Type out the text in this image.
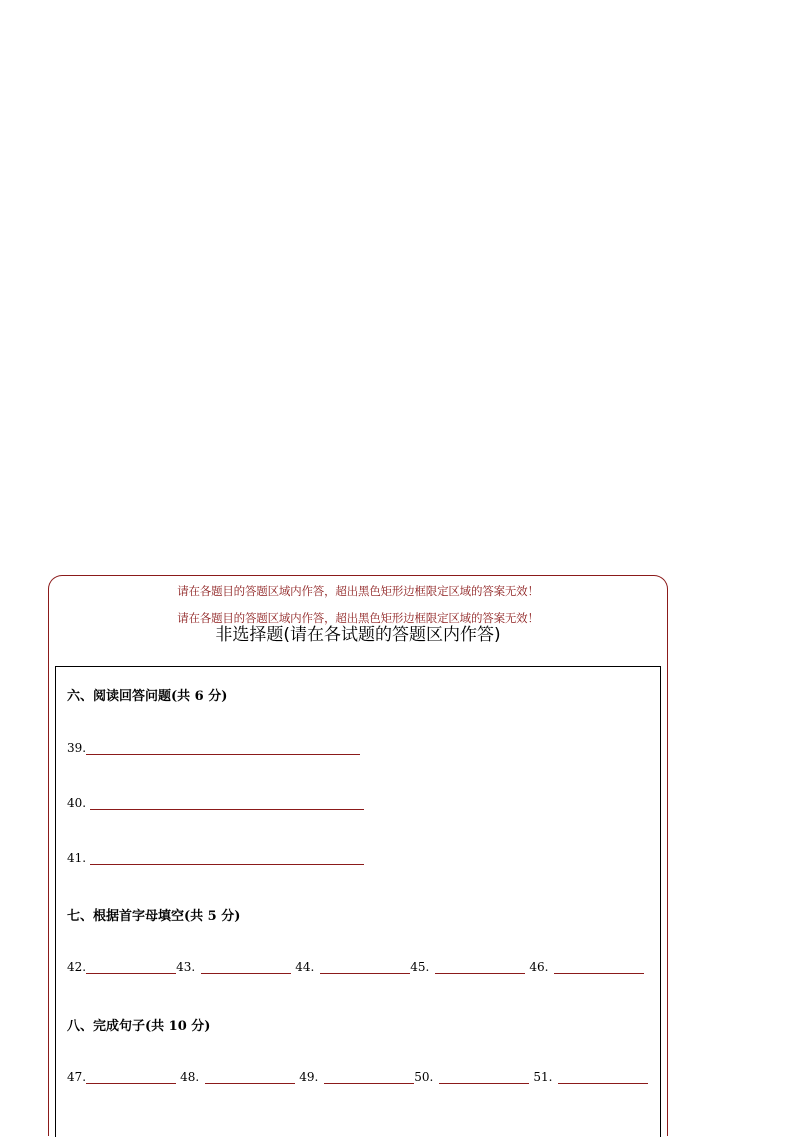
请在各题目的答题区域内作答，超出黑色矩形边框限定区域的答案无效！
非选择题(请在各试题的答题区内作答)
请在各题目的答题区域内作答，超出黑色矩形边框限定区域的答案无效！
六、阅读回答问题(共 6 分)
39.
40.
41.
七、根据首字母填空(共 5 分)
42.	43.	44.	45.	46.
八、完成句子(共 10 分)
47.	48.	49.	50.	51.
